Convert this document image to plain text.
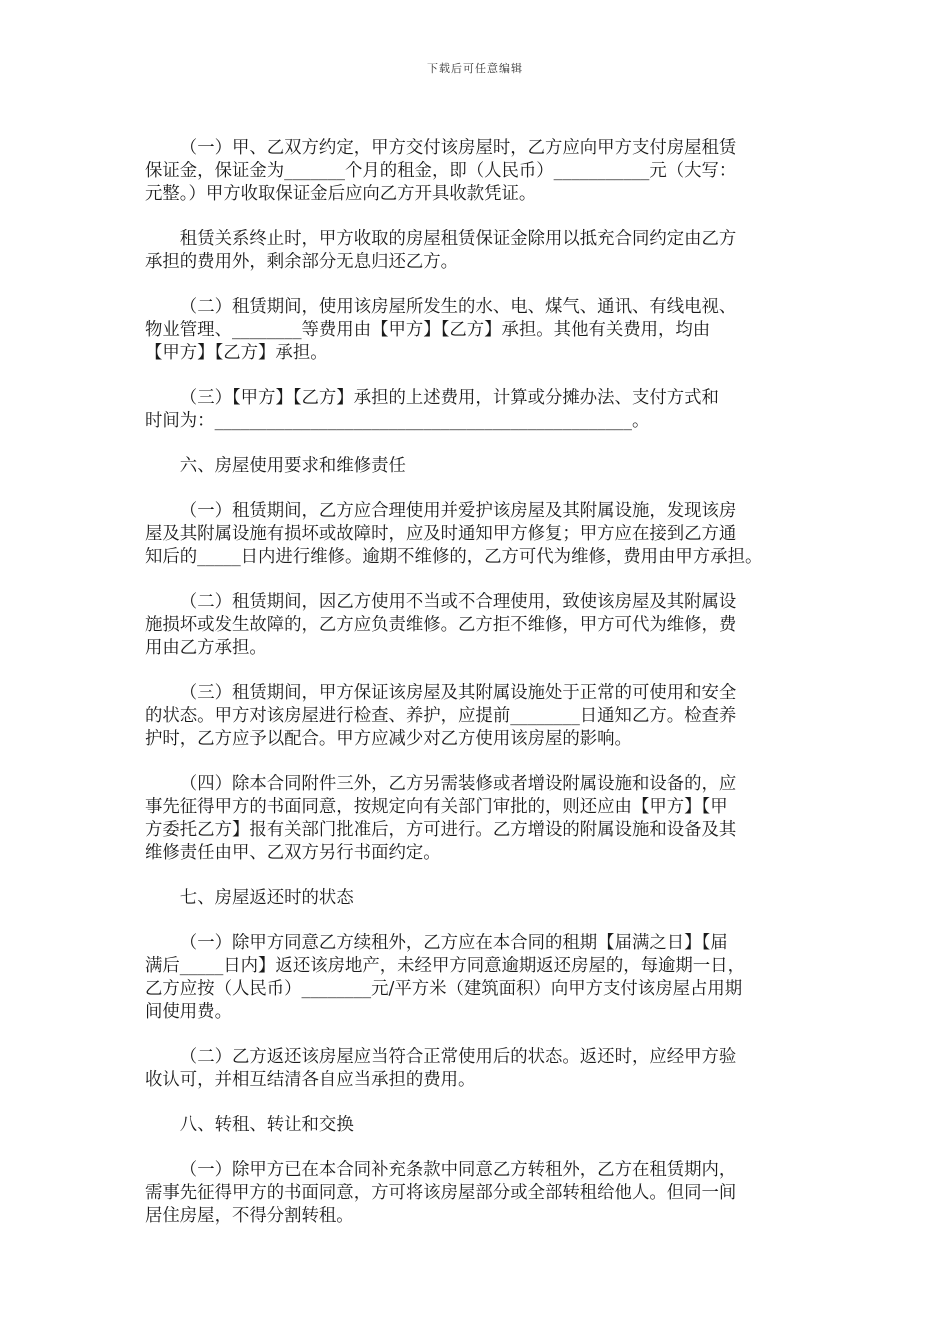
下载后可任意编辑

（一）甲、乙双方约定，甲方交付该房屋时，乙方应向甲方支付房屋租赁
保证金，保证金为_______个月的租金，即（人民币）___________元（大写：
元整。）甲方收取保证金后应向乙方开具收款凭证。

租赁关系终止时，甲方收取的房屋租赁保证金除用以抵充合同约定由乙方
承担的费用外，剩余部分无息归还乙方。

（二）租赁期间，使用该房屋所发生的水、电、煤气、通讯、有线电视、
物业管理、________等费用由【甲方】【乙方】承担。其他有关费用，均由
【甲方】【乙方】承担。

（三）【甲方】【乙方】承担的上述费用，计算或分摊办法、支付方式和
时间为：________________________________________________。

六、房屋使用要求和维修责任

（一）租赁期间，乙方应合理使用并爱护该房屋及其附属设施，发现该房
屋及其附属设施有损坏或故障时，应及时通知甲方修复；甲方应在接到乙方通
知后的_____日内进行维修。逾期不维修的，乙方可代为维修，费用由甲方承担。

（二）租赁期间，因乙方使用不当或不合理使用，致使该房屋及其附属设
施损坏或发生故障的，乙方应负责维修。乙方拒不维修，甲方可代为维修，费
用由乙方承担。

（三）租赁期间，甲方保证该房屋及其附属设施处于正常的可使用和安全
的状态。甲方对该房屋进行检查、养护，应提前________日通知乙方。检查养
护时，乙方应予以配合。甲方应减少对乙方使用该房屋的影响。

（四）除本合同附件三外，乙方另需装修或者增设附属设施和设备的，应
事先征得甲方的书面同意，按规定向有关部门审批的，则还应由【甲方】【甲
方委托乙方】报有关部门批准后，方可进行。乙方增设的附属设施和设备及其
维修责任由甲、乙双方另行书面约定。

七、房屋返还时的状态

（一）除甲方同意乙方续租外，乙方应在本合同的租期【届满之日】【届
满后_____日内】返还该房地产，未经甲方同意逾期返还房屋的，每逾期一日，
乙方应按（人民币）________元/平方米（建筑面积）向甲方支付该房屋占用期
间使用费。

（二）乙方返还该房屋应当符合正常使用后的状态。返还时，应经甲方验
收认可，并相互结清各自应当承担的费用。

八、转租、转让和交换

（一）除甲方已在本合同补充条款中同意乙方转租外，乙方在租赁期内，
需事先征得甲方的书面同意，方可将该房屋部分或全部转租给他人。但同一间
居住房屋，不得分割转租。
